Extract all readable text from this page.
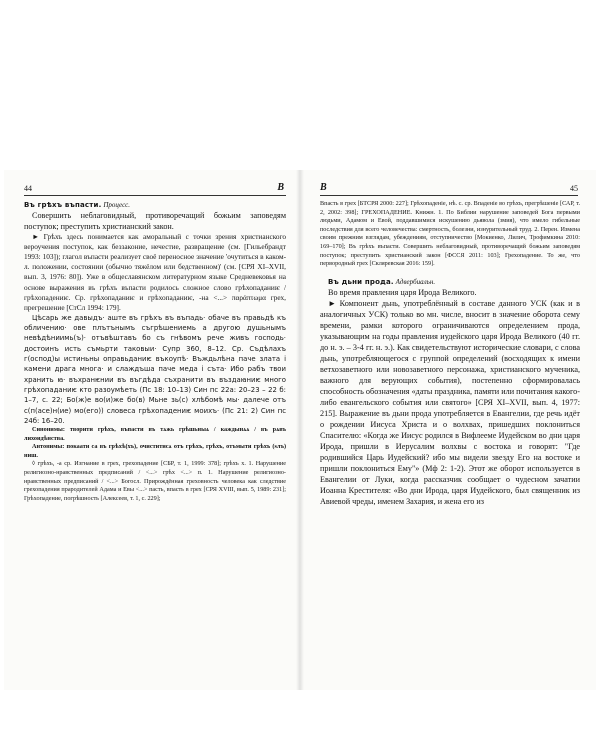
44	В

Въ грѣхъ въпасти. Процесс.

Совершить неблаговидный, противоречащий божьим заповедям поступок; преступить христианский закон.

► Грѣхъ здесь понимается как аморальный с точки зрения христианского вероучения поступок, как беззаконие, нечестие, развращение (см. [Гильебрандт 1993: 103]); глагол въпасти реализует своё переносное значение 'очутиться в каком-л. положении, состоянии (обычно тяжёлом или бедственном)' (см. [СРЯ XI–XVII, вып. 3, 1976: 80]). Уже в общеславянском литературном языке Средневековья на основе выражения въ грѣхъ въпасти родилось сложное слово грѣхопаданиѥ / грѣхопадениѥ. Ср. грѣхопаданиѥ и грѣхопаданиѥ, -на <...> παράπτωμα грех, прегрешение [СтСл 1994: 179].

Цѣсарь же давыдъ· аште въ грѣхъ въ въпадь· обаче въ правьдѣ къ обличению· ове плътънымъ съгрѣшениемь а другою душьнымъ невѣдѣниимь(ъ)· отъвѣштавъ бо съ гнѣвомъ рече живъ господь· достоинъ исть съмьрти таковыи· Супр 360, 8–12. Ср. Съдѣлахъ г(оспод)ы истиньны оправьданиѥ въкоупѣ· Въждьлѣна паче злата і камени драга многа· и слаждъша паче меда і съта· Ибо рабъ твои хранить ꙗ· въхранѥнии въ въгдѣда съхранити въ въздаꙗниѥ много грѣхопаданиѥ кто разоумѣеть (Пс 18: 10–13) Син пс 22а: 20–23 – 22 б: 1–7, с. 22; Бо(ж)е во(и)же бо(в) Мьне зь(с) хлѣбомѣ мы· далече отъ с(п(асе)н(ие) мо(его)) словеса грѣхопадениѥ моихъ· (Пс 21: 2) Син пс 24б: 16–20.

Синонимы: творити грѣхъ, въпасти въ тѧжь грѣшьныѧ / каждынѧѧ / въ рѧвъ лихоидѣнства.

Антонимы: покаати са въ грѣхѣ(хъ), очиститисѧ отъ грѣхъ, грѣхъ, отъмыти грѣхъ (ѕлъ) ниш.

◊ грѣхъ, -а ср. Изгнание в грех, грехопадение [СБР, т. 1, 1999: 378]; грѣхъ х. 1. Нарушение религиозно-нравственных предписаний / <...> грѣх <...> п. 1. Нарушение религиозно-нравственных предписаний / <...> Богосл. Прирождённая греховность человека как следствие грехопадения прародителей Адама и Евы <...> пасть, впасть в грех [СРЯ XVIII, вып. 5, 1989: 231]; Грѣхопадение, погрѣшность [Алексеев, т. 1, с. 229];

В	45

Впасть в грех [БТСРЯ 2000: 227]; Грѣхопаденіе, нѣ. с. ср. Впаденіе во грѣхъ, прегрѣшеніе [САР, т. 2, 2002: 398]; ГРЕХОПАДЕНИЕ. Книжн. 1. По Библии нарушение заповедей Бога первыми людьми, Адамом и Евой, поддавшимися искушению дьявола (змия), что имело гибельные последствия для всего человечества: смертность, болезни, изнурительный труд. 2. Перен. Измена своим прежним взглядам, убеждениям, отступничество [Мокиенко, Лилич, Трофимкина 2010: 169–170]; Въ грѣхъ въпасти. Совершить неблаговидный, противоречащий божьим заповедям поступок; преступить христианский закон [ФССЯ 2011: 103]; Грехопадение. То же, что первородный грех [Скляревская 2016: 159].

Въ дьни прода. Адвербиальн.

Во время правления царя Ирода Великого.

► Компонент дьнь, употреблённый в составе данного УСК (как и в аналогичных УСК) только во мн. числе, вносит в значение оборота сему времени, рамки которого ограничиваются определением прода, указывающим на годы правления иудейского царя Ирода Великого (40 гг. до н. э. – 3-4 гг. н. э.). Как свидетельствуют исторические словари, с слова дьнь, употребляющегося с группой определений (восходящих к имени ветхозаветного или новозаветного персонажа, христианского мученика, важного для верующих события), постепенно сформировалась способность обозначения «даты праздника, памяти или почитания какого-либо евангельского события или святого» [СРЯ XI–XVII, вып. 4, 1977: 215]. Выражение въ дьни прода употребляется в Евангелии, где речь идёт о рождении Иисуса Христа и о волхвах, пришедших поклониться Спасителю: «Когда же Иисус родился в Вифлееме Иудейском во дни царя Ирода, пришли в Иерусалим волхвы с востока и говорят: "Где родившийся Царь Иудейский? ибо мы видели звезду Его на востоке и пришли поклониться Ему"» (Мф 2: 1-2). Этот же оборот используется в Евангелии от Луки, когда рассказчик сообщает о чудесном зачатии Иоанна Крестителя: «Во дни Ирода, царя Иудейского, был священник из Авиевой чреды, именем Захария, и жена его из
